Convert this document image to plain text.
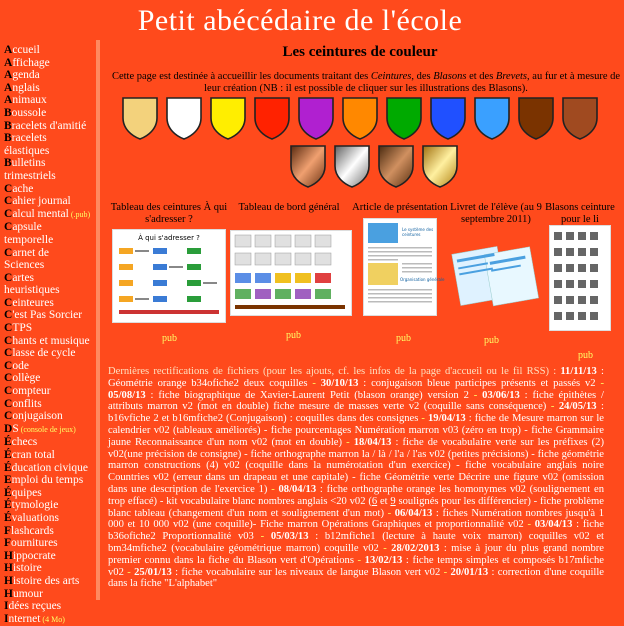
Petit abécédaire de l'école
Accueil
Affichage
Agenda
Anglais
Animaux
Boussole
Bracelets d'amitié
Bracelets élastiques
Bulletins trimestriels
Cache
Cahier journal
Calcul mental (.pub)
Capsule temporelle
Carnet de Sciences
Cartes heuristiques
Ceinteures
C'est Pas Sorcier
CTPS
Chants et musique
Classe de cycle
Code
Collège
Compteur
Conflits
Conjugaison
DS (console de jeux)
Échecs
Écran total
Éducation civique
Emploi du temps
Équipes
Étymologie
Évaluations
Flashcards
Fournitures
Hippocrate
Histoire
Histoire des arts
Humour
Idées reçues
Internet (4 Mo)
Les ceintures de couleur
Cette page est destinée à accueillir les documents traitant des Ceintures, des Blasons et des Brevets, au fur et à mesure de leur création (NB : il est possible de cliquer sur les illustrations des Blasons).
Tableau des ceintures À qui s'adresser ?
À qui s'adresser ?
pub
Tableau de bord général
pub
Article de présentation
Le système des
ceintures
Organisation générale
pub
Livret de l'élève (au 9 septembre 2011)
pub
Blasons ceinture pour le li
pub
Dernières rectifications de fichiers (pour les ajouts, cf. les infos de la page d'accueil ou le fil RSS) : 11/11/13 : Géométrie orange b34ofiche2 deux coquilles - 30/10/13 : conjugaison bleue participes présents et passés v2 - 05/08/13 : fiche biographique de Xavier-Laurent Petit (blason orange) version 2 - 03/06/13 : fiche épithètes / attributs marron v2 (mot en double) fiche mesure de masses verte v2 (coquille sans conséquence) - 24/05/13 : b16vfiche 2 et b16mfiche2 (Conjugaison) : coquilles dans des consignes - 19/04/13 : fiche de Mesure marron sur le calendrier v02 (tableaux améliorés) - fiche pourcentages Numération marron v03 (zéro en trop) - fiche Grammaire jaune Reconnaissance d'un nom v02 (mot en double) - 18/04/13 : fiche de vocabulaire verte sur les préfixes (2) v02(une précision de consigne) - fiche orthographe marron la / là / l'a / l'as v02 (petites précisions) - fiche géométrie marron constructions (4) v02 (coquille dans la numérotation d'un exercice) - fiche vocabulaire anglais noire Countries v02 (erreur dans un drapeau et une capitale) - fiche Géométrie verte Décrire une figure v02 (omission dans une description de l'exercice 1) - 08/04/13 : fiche orthographe orange les homonymes v02 (soulignement en trop effacé) - kit vocabulaire blanc nombres anglais <20 v02 (6 et 9 soulignés pour les différencier) - fiche problème blanc tableau (changement d'un nom et soulignement d'un mot) - 06/04/13 : fiches Numération nombres jusqu'à 1 000 et 10 000 v02 (une coquille)- Fiche marron Opérations Graphiques et proportionnalité v02 - 03/04/13 : fiche b36ofiche2 Proportionnalité v03 - 05/03/13 : b12mfiche1 (lecture à haute voix marron) coquilles v02 et bm34mfiche2 (vocabulaire géométrique marron) coquille v02 - 28/02/2013 : mise à jour du plus grand nombre premier connu dans la fiche du Blason vert d'Opérations - 13/02/13 : fiche temps simples et composés b17mfiche v02 - 25/01/13 : fiche vocabulaire sur les niveaux de langue Blason vert v02 - 20/01/13 : correction d'une coquille dans la fiche "L'alphabet"
